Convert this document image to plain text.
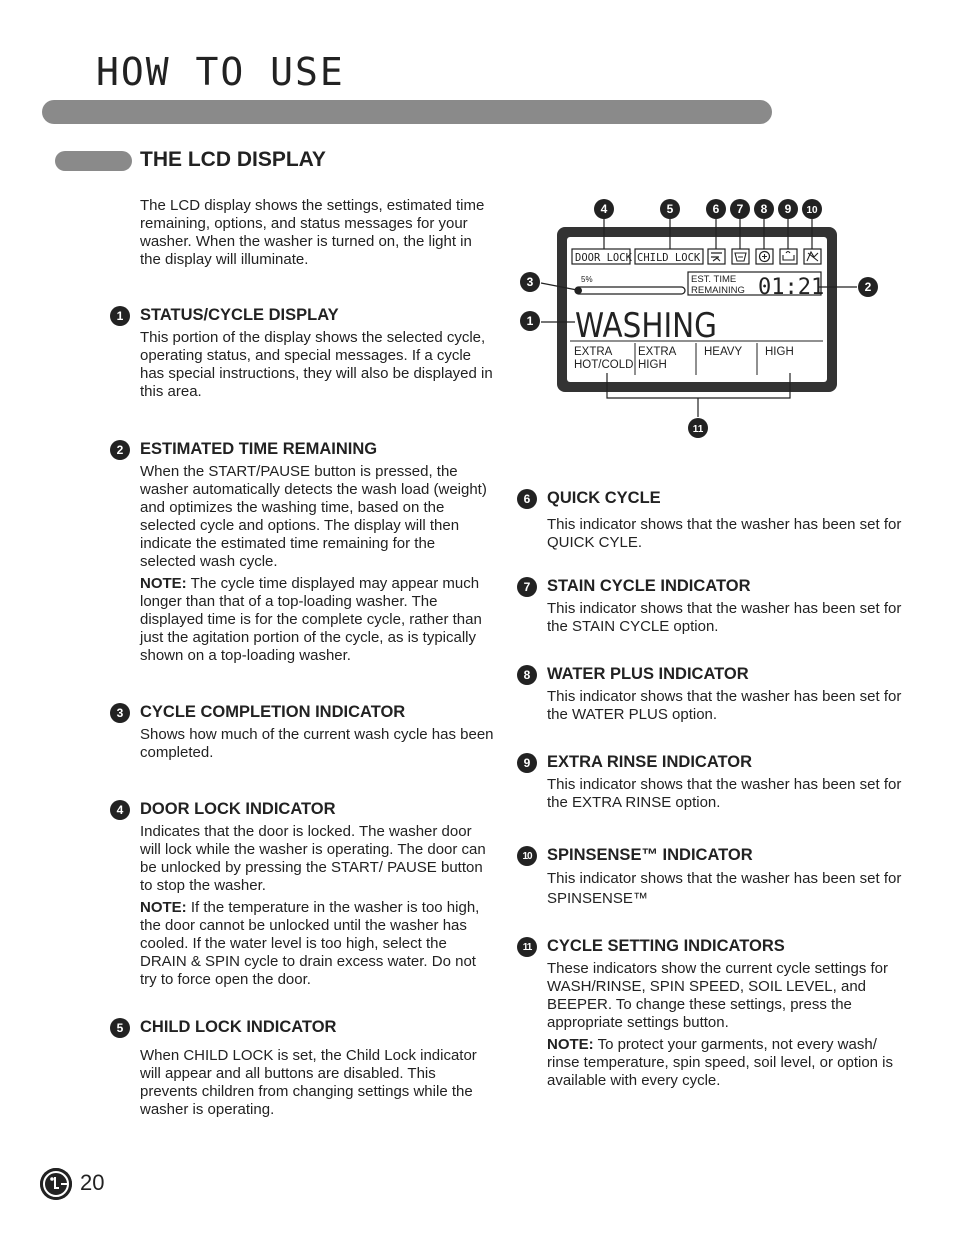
HOW TO USE
THE LCD DISPLAY

The LCD display shows the settings, estimated time remaining, options, and status messages for your washer. When the washer is turned on, the light in the display will illuminate.

1	STATUS/CYCLE DISPLAY

This portion of the display shows the selected cycle, operating status, and special messages. If a cycle has special instructions, they will also be displayed in this area.

2	ESTIMATED TIME REMAINING

When the START/PAUSE button is pressed, the washer automatically detects the wash load (weight) and optimizes the washing time, based on the selected cycle and options. The display will then indicate the estimated time remaining for the selected wash cycle.

NOTE: The cycle time displayed may appear much longer than that of a top-loading washer. The displayed time is for the complete cycle, rather than just the agitation portion of the cycle, as is typically shown on a top-loading washer.

3	CYCLE COMPLETION INDICATOR

Shows how much of the current wash cycle has been completed.

4	DOOR LOCK INDICATOR

Indicates that the door is locked. The washer door will lock while the washer is operating. The door can be unlocked by pressing the START/ PAUSE button to stop the washer.

NOTE: If the temperature in the washer is too high, the door cannot be unlocked until the washer has cooled. If the water level is too high, select the DRAIN & SPIN cycle to drain excess water. Do not try to force open the door.

5	CHILD LOCK INDICATOR

When CHILD LOCK is set, the Child Lock indicator will appear and all buttons are disabled. This prevents children from changing settings while the washer is operating.

DOOR LOCK CHILD LOCK
5%	EST. TIME
REMAINING 01:21
WASHING
EXTRA
HOT/COLD
EXTRA
HIGH
HEAVY HIGH
4	5	6 7 8 9 10
3	2
1
11
6	QUICK CYCLE

This indicator shows that the washer has been set for QUICK CYLE.

7	STAIN CYCLE INDICATOR

This indicator shows that the washer has been set for the STAIN CYCLE option.

8	WATER PLUS INDICATOR

This indicator shows that the washer has been set for the WATER PLUS option.

9	EXTRA RINSE INDICATOR

This indicator shows that the washer has been set for the EXTRA RINSE option.

10 SPINSENSE™ INDICATOR

This indicator shows that the washer has been set for SPINSENSE™

11 CYCLE SETTING INDICATORS

These indicators show the current cycle settings for WASH/RINSE, SPIN SPEED, SOIL LEVEL, and BEEPER. To change these settings, press the appropriate settings button.

NOTE: To protect your garments, not every wash/ rinse temperature, spin speed, soil level, or option is available with every cycle.

20
